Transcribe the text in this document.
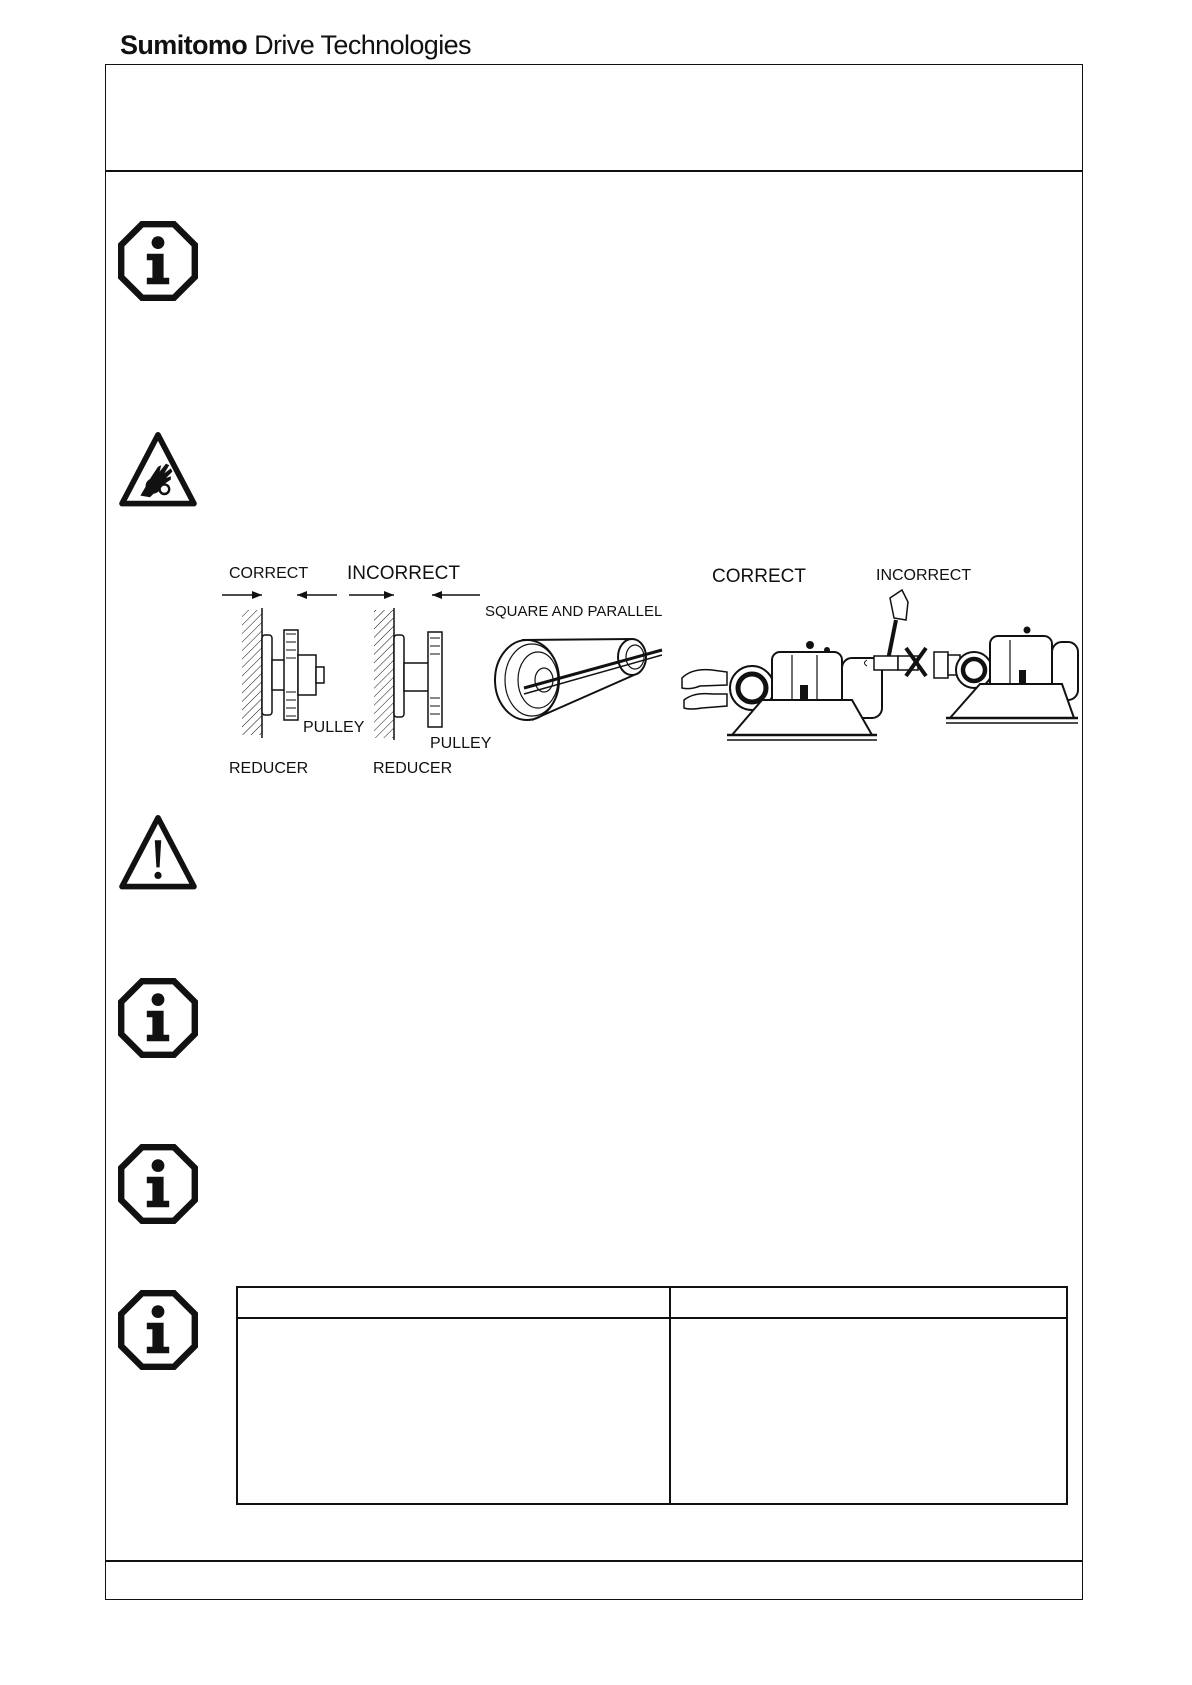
Sumitomo Drive Technologies
CORRECT
PULLEY
REDUCER
INCORRECT
PULLEY
REDUCER
SQUARE AND PARALLEL
CORRECT	INCORRECT
